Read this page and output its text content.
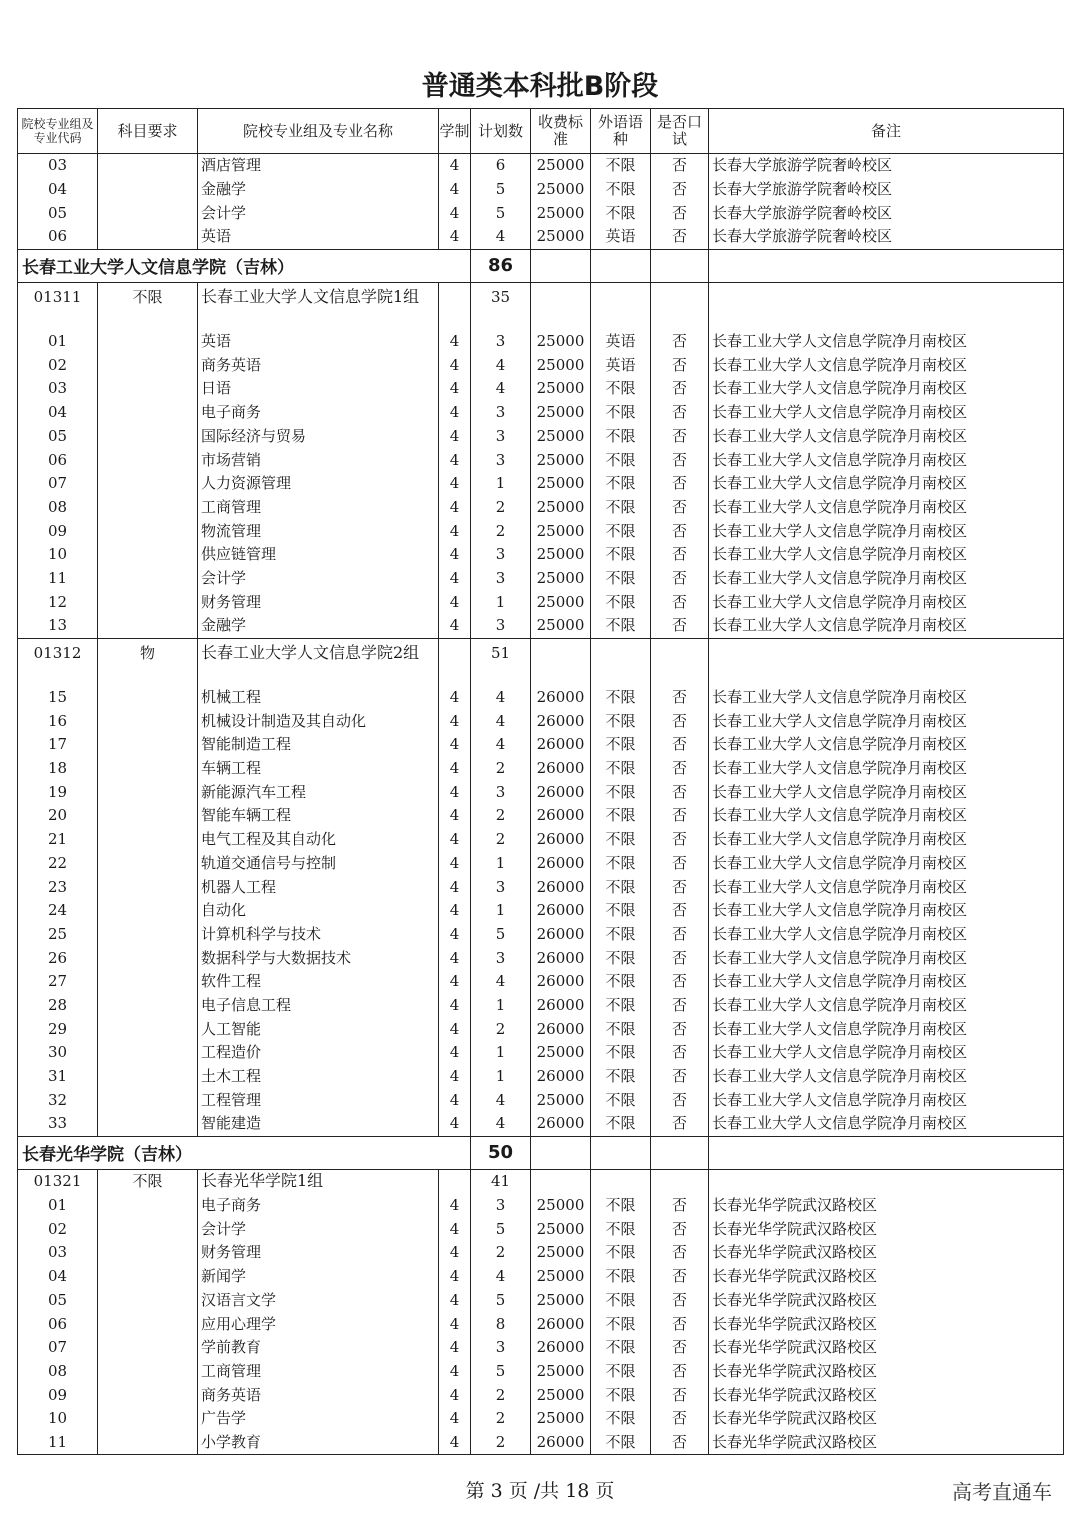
普通类本科批B阶段
院校专业组及专业代码	科目要求	院校专业组及专业名称	学制	计划数	收费标准	外语语种	是否口试	备注
03		酒店管理	4	6	25000	不限	否	长春大学旅游学院奢岭校区
04		金融学	4	5	25000	不限	否	长春大学旅游学院奢岭校区
05		会计学	4	5	25000	不限	否	长春大学旅游学院奢岭校区
06		英语	4	4	25000	英语	否	长春大学旅游学院奢岭校区
长春工业大学人文信息学院（吉林）				86				
01311	不限	长春工业大学人文信息学院1组		35				
01		英语	4	3	25000	英语	否	长春工业大学人文信息学院净月南校区
02		商务英语	4	4	25000	英语	否	长春工业大学人文信息学院净月南校区
03		日语	4	4	25000	不限	否	长春工业大学人文信息学院净月南校区
04		电子商务	4	3	25000	不限	否	长春工业大学人文信息学院净月南校区
05		国际经济与贸易	4	3	25000	不限	否	长春工业大学人文信息学院净月南校区
06		市场营销	4	3	25000	不限	否	长春工业大学人文信息学院净月南校区
07		人力资源管理	4	1	25000	不限	否	长春工业大学人文信息学院净月南校区
08		工商管理	4	2	25000	不限	否	长春工业大学人文信息学院净月南校区
09		物流管理	4	2	25000	不限	否	长春工业大学人文信息学院净月南校区
10		供应链管理	4	3	25000	不限	否	长春工业大学人文信息学院净月南校区
11		会计学	4	3	25000	不限	否	长春工业大学人文信息学院净月南校区
12		财务管理	4	1	25000	不限	否	长春工业大学人文信息学院净月南校区
13		金融学	4	3	25000	不限	否	长春工业大学人文信息学院净月南校区
01312	物	长春工业大学人文信息学院2组		51				
15		机械工程	4	4	26000	不限	否	长春工业大学人文信息学院净月南校区
16		机械设计制造及其自动化	4	4	26000	不限	否	长春工业大学人文信息学院净月南校区
17		智能制造工程	4	4	26000	不限	否	长春工业大学人文信息学院净月南校区
18		车辆工程	4	2	26000	不限	否	长春工业大学人文信息学院净月南校区
19		新能源汽车工程	4	3	26000	不限	否	长春工业大学人文信息学院净月南校区
20		智能车辆工程	4	2	26000	不限	否	长春工业大学人文信息学院净月南校区
21		电气工程及其自动化	4	2	26000	不限	否	长春工业大学人文信息学院净月南校区
22		轨道交通信号与控制	4	1	26000	不限	否	长春工业大学人文信息学院净月南校区
23		机器人工程	4	3	26000	不限	否	长春工业大学人文信息学院净月南校区
24		自动化	4	1	26000	不限	否	长春工业大学人文信息学院净月南校区
25		计算机科学与技术	4	5	26000	不限	否	长春工业大学人文信息学院净月南校区
26		数据科学与大数据技术	4	3	26000	不限	否	长春工业大学人文信息学院净月南校区
27		软件工程	4	4	26000	不限	否	长春工业大学人文信息学院净月南校区
28		电子信息工程	4	1	26000	不限	否	长春工业大学人文信息学院净月南校区
29		人工智能	4	2	26000	不限	否	长春工业大学人文信息学院净月南校区
30		工程造价	4	1	25000	不限	否	长春工业大学人文信息学院净月南校区
31		土木工程	4	1	26000	不限	否	长春工业大学人文信息学院净月南校区
32		工程管理	4	4	25000	不限	否	长春工业大学人文信息学院净月南校区
33		智能建造	4	4	26000	不限	否	长春工业大学人文信息学院净月南校区
长春光华学院（吉林）				50				
01321	不限	长春光华学院1组		41				
01		电子商务	4	3	25000	不限	否	长春光华学院武汉路校区
02		会计学	4	5	25000	不限	否	长春光华学院武汉路校区
03		财务管理	4	2	25000	不限	否	长春光华学院武汉路校区
04		新闻学	4	4	25000	不限	否	长春光华学院武汉路校区
05		汉语言文学	4	5	25000	不限	否	长春光华学院武汉路校区
06		应用心理学	4	8	26000	不限	否	长春光华学院武汉路校区
07		学前教育	4	3	26000	不限	否	长春光华学院武汉路校区
08		工商管理	4	5	25000	不限	否	长春光华学院武汉路校区
09		商务英语	4	2	25000	不限	否	长春光华学院武汉路校区
10		广告学	4	2	25000	不限	否	长春光华学院武汉路校区
11		小学教育	4	2	26000	不限	否	长春光华学院武汉路校区
第 3 页 /共 18 页	高考直通车
